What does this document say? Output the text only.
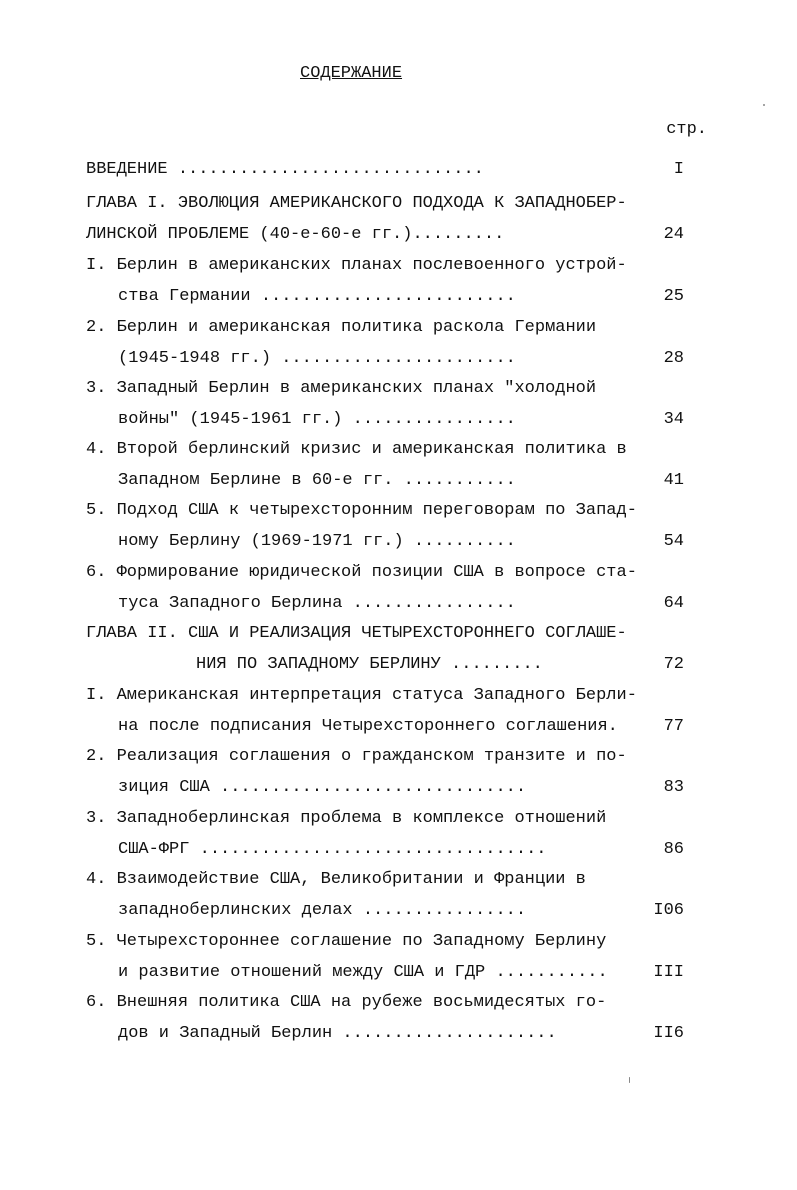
СОДЕРЖАНИЕ
стр.
ВВЕДЕНИЕ ..............................	I
ГЛАВА I. ЭВОЛЮЦИЯ АМЕРИКАНСКОГО ПОДХОДА К ЗАПАДНОБЕР-
ЛИНСКОЙ ПРОБЛЕМЕ (40-е-60-е гг.).........	24
I. Берлин в американских планах послевоенного устрой-
ства Германии .........................	25
2. Берлин и американская политика раскола Германии
(1945-1948 гг.) .......................	28
3. Западный Берлин в американских планах "холодной
войны" (1945-1961 гг.) ................	34
4. Второй берлинский кризис и американская политика в
Западном Берлине в 60-е гг. ...........	41
5. Подход США к четырехсторонним переговорам по Запад-
ному Берлину (1969-1971 гг.) ..........	54
6. Формирование юридической позиции США в вопросе ста-
туса Западного Берлина ................	64
ГЛАВА II. США И РЕАЛИЗАЦИЯ ЧЕТЫРЕХСТОРОННЕГО СОГЛАШЕ-
НИЯ ПО ЗАПАДНОМУ БЕРЛИНУ .........	72
I. Американская интерпретация статуса Западного Берли-
на после подписания Четырехстороннего соглашения.	77
2. Реализация соглашения о гражданском транзите и по-
зиция США ..............................	83
3. Западноберлинская проблема в комплексе отношений
США-ФРГ ..................................	86
4. Взаимодействие США, Великобритании и Франции в
западноберлинских делах ................	I06
5. Четырехстороннее соглашение по Западному Берлину
и развитие отношений между США и ГДР ...........	III
6. Внешняя политика США на рубеже восьмидесятых го-
дов и Западный Берлин .....................	II6
